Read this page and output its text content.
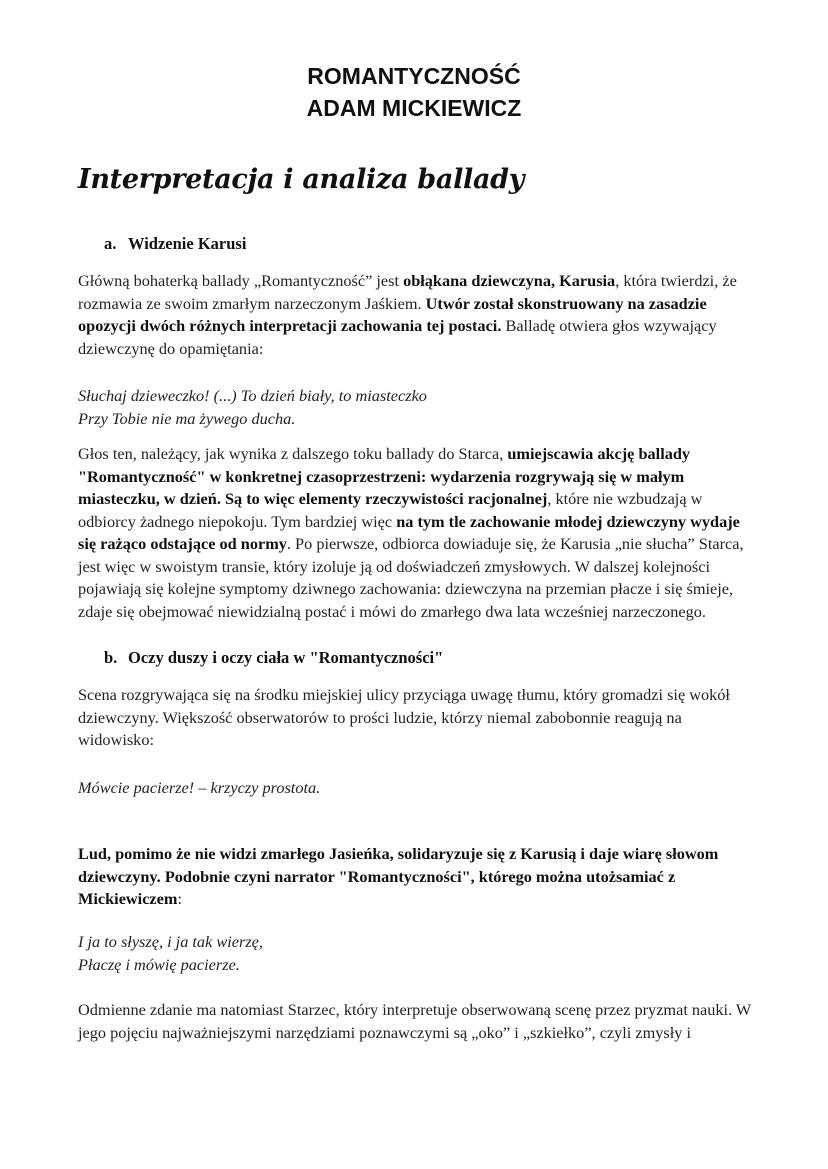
ROMANTYCZNOŚĆ
ADAM MICKIEWICZ
Interpretacja i analiza ballady
a. Widzenie Karusi
Główną bohaterką ballady „Romantyczność” jest obłąkana dziewczyna, Karusia, która twierdzi, że
rozmawia ze swoim zmarłym narzeczonym Jaśkiem. Utwór został skonstruowany na zasadzie
opozycji dwóch różnych interpretacji zachowania tej postaci. Balladę otwiera głos wzywający
dziewczynę do opamiętania:
Słuchaj dzieweczko! (...) To dzień biały, to miasteczko
Przy Tobie nie ma żywego ducha.
Głos ten, należący, jak wynika z dalszego toku ballady do Starca, umiejscawia akcję ballady
"Romantyczność" w konkretnej czasoprzestrzeni: wydarzenia rozgrywają się w małym
miasteczku, w dzień. Są to więc elementy rzeczywistości racjonalnej, które nie wzbudzają w
odbiorcy żadnego niepokoju. Tym bardziej więc na tym tle zachowanie młodej dziewczyny wydaje
się rażąco odstające od normy. Po pierwsze, odbiorca dowiaduje się, że Karusia „nie słucha” Starca,
jest więc w swoistym transie, który izoluje ją od doświadczeń zmysłowych. W dalszej kolejności
pojawiają się kolejne symptomy dziwnego zachowania: dziewczyna na przemian płacze i się śmieje,
zdaje się obejmować niewidzialną postać i mówi do zmarłego dwa lata wcześniej narzeczonego.
b. Oczy duszy i oczy ciała w "Romantyczności"
Scena rozgrywająca się na środku miejskiej ulicy przyciąga uwagę tłumu, który gromadzi się wokół
dziewczyny. Większość obserwatorów to prości ludzie, którzy niemal zabobonnie reagują na
widowisko:
Mówcie pacierze! – krzyczy prostota.
Lud, pomimo że nie widzi zmarłego Jasieńka, solidaryzuje się z Karusią i daje wiarę słowom
dziewczyny. Podobnie czyni narrator "Romantyczności", którego można utożsamiać z
Mickiewiczem:
I ja to słyszę, i ja tak wierzę,
Płaczę i mówię pacierze.
Odmienne zdanie ma natomiast Starzec, który interpretuje obserwowaną scenę przez pryzmat nauki. W
jego pojęciu najważniejszymi narzędziami poznawczymi są „oko” i „szkiełko”, czyli zmysły i
